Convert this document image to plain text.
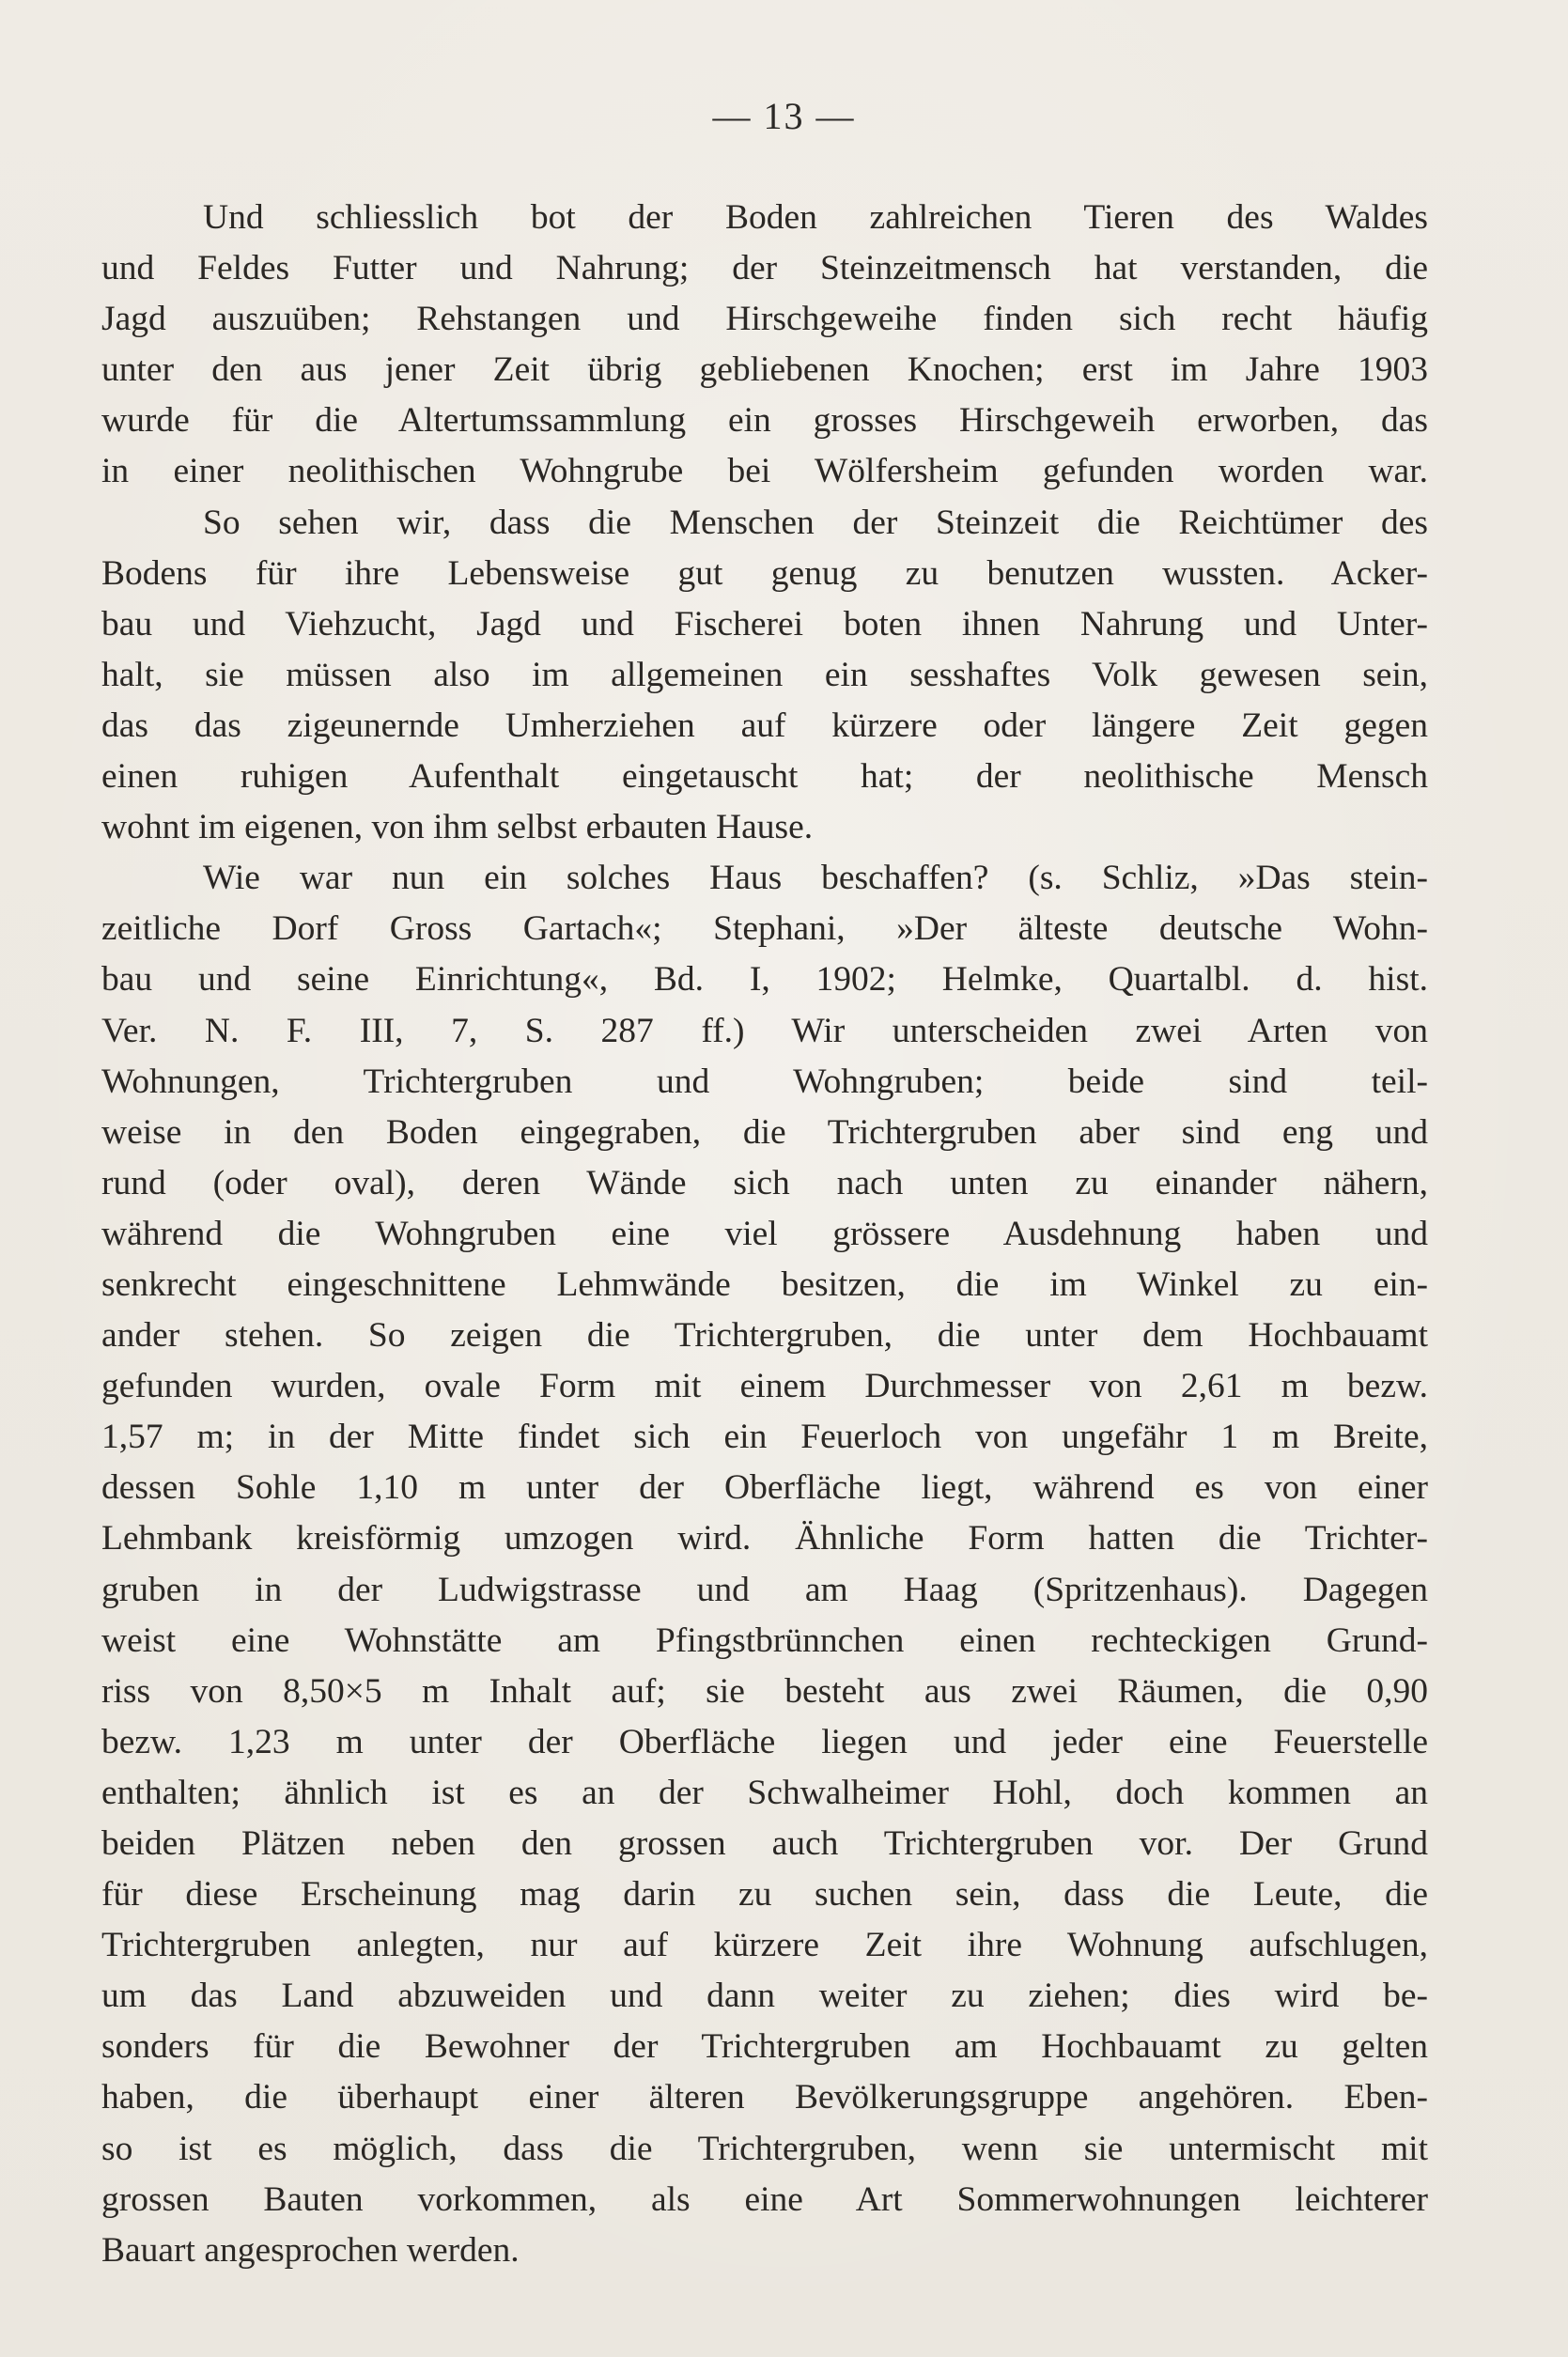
— 13 —
Und schliesslich bot der Boden zahlreichen Tieren des Waldes
und Feldes Futter und Nahrung; der Steinzeitmensch hat verstanden, die
Jagd auszuüben; Rehstangen und Hirschgeweihe finden sich recht häufig
unter den aus jener Zeit übrig gebliebenen Knochen; erst im Jahre 1903
wurde für die Altertumssammlung ein grosses Hirschgeweih erworben, das
in einer neolithischen Wohngrube bei Wölfersheim gefunden worden war.
So sehen wir, dass die Menschen der Steinzeit die Reichtümer des
Bodens für ihre Lebensweise gut genug zu benutzen wussten. Acker-
bau und Viehzucht, Jagd und Fischerei boten ihnen Nahrung und Unter-
halt, sie müssen also im allgemeinen ein sesshaftes Volk gewesen sein,
das das zigeunernde Umherziehen auf kürzere oder längere Zeit gegen
einen ruhigen Aufenthalt eingetauscht hat; der neolithische Mensch
wohnt im eigenen, von ihm selbst erbauten Hause.
Wie war nun ein solches Haus beschaffen? (s. Schliz, »Das stein-
zeitliche Dorf Gross Gartach«; Stephani, »Der älteste deutsche Wohn-
bau und seine Einrichtung«, Bd. I, 1902; Helmke, Quartalbl. d. hist.
Ver. N. F. III, 7, S. 287 ff.) Wir unterscheiden zwei Arten von
Wohnungen, Trichtergruben und Wohngruben; beide sind teil-
weise in den Boden eingegraben, die Trichtergruben aber sind eng und
rund (oder oval), deren Wände sich nach unten zu einander nähern,
während die Wohngruben eine viel grössere Ausdehnung haben und
senkrecht eingeschnittene Lehmwände besitzen, die im Winkel zu ein-
ander stehen. So zeigen die Trichtergruben, die unter dem Hochbauamt
gefunden wurden, ovale Form mit einem Durchmesser von 2,61 m bezw.
1,57 m; in der Mitte findet sich ein Feuerloch von ungefähr 1 m Breite,
dessen Sohle 1,10 m unter der Oberfläche liegt, während es von einer
Lehmbank kreisförmig umzogen wird. Ähnliche Form hatten die Trichter-
gruben in der Ludwigstrasse und am Haag (Spritzenhaus). Dagegen
weist eine Wohnstätte am Pfingstbrünnchen einen rechteckigen Grund-
riss von 8,50×5 m Inhalt auf; sie besteht aus zwei Räumen, die 0,90
bezw. 1,23 m unter der Oberfläche liegen und jeder eine Feuerstelle
enthalten; ähnlich ist es an der Schwalheimer Hohl, doch kommen an
beiden Plätzen neben den grossen auch Trichtergruben vor. Der Grund
für diese Erscheinung mag darin zu suchen sein, dass die Leute, die
Trichtergruben anlegten, nur auf kürzere Zeit ihre Wohnung aufschlugen,
um das Land abzuweiden und dann weiter zu ziehen; dies wird be-
sonders für die Bewohner der Trichtergruben am Hochbauamt zu gelten
haben, die überhaupt einer älteren Bevölkerungsgruppe angehören. Eben-
so ist es möglich, dass die Trichtergruben, wenn sie untermischt mit
grossen Bauten vorkommen, als eine Art Sommerwohnungen leichterer
Bauart angesprochen werden.
